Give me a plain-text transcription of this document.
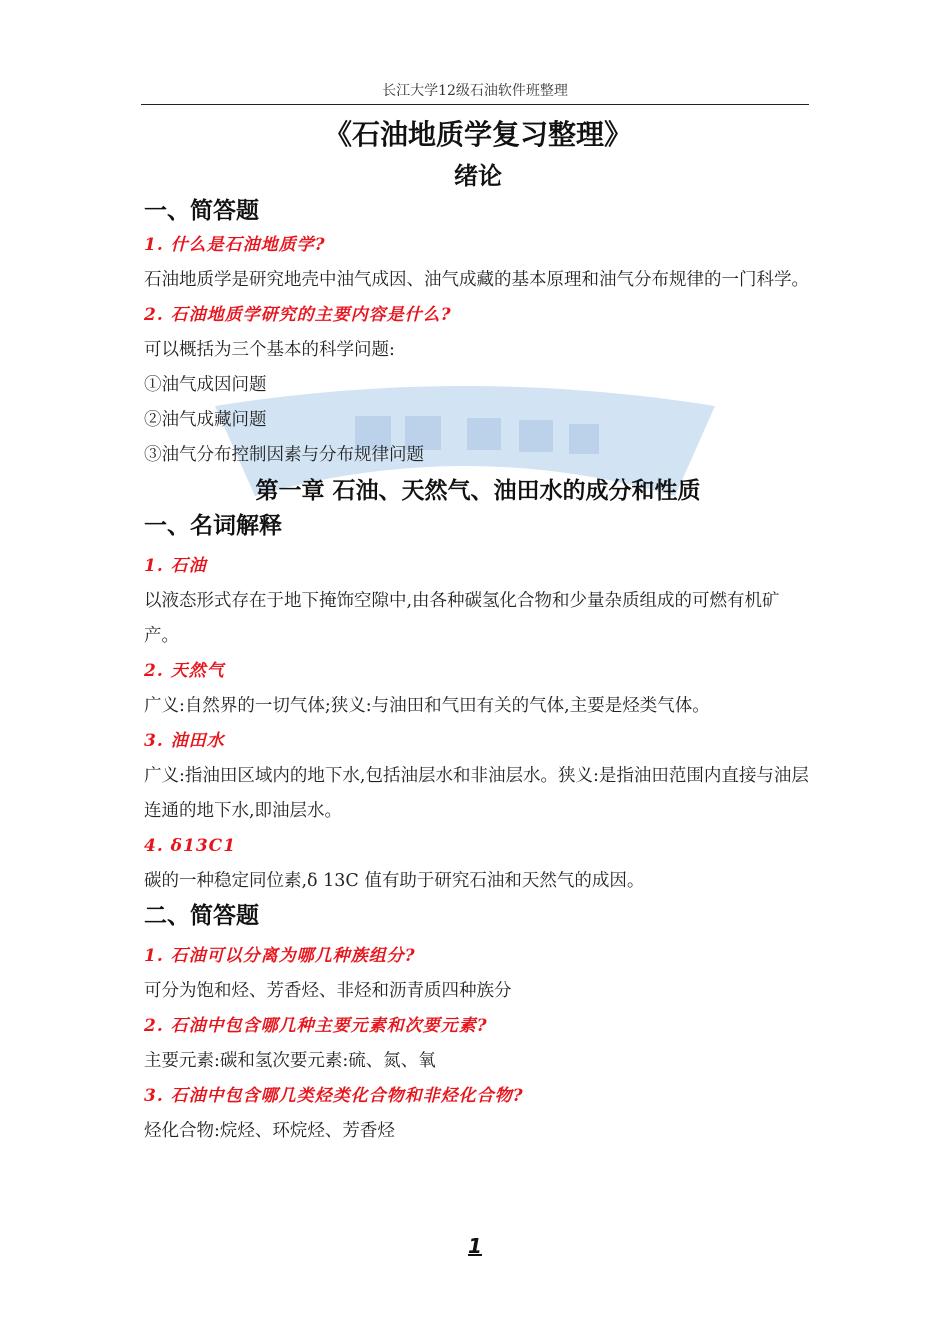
长江大学12级石油软件班整理
《石油地质学复习整理》
绪论
一、简答题

1. 什么是石油地质学?

石油地质学是研究地壳中油气成因、油气成藏的基本原理和油气分布规律的一门科学。

2. 石油地质学研究的主要内容是什么?

可以概括为三个基本的科学问题:

①油气成因问题

②油气成藏问题

③油气分布控制因素与分布规律问题

第一章 石油、天然气、油田水的成分和性质
一、名词解释

1. 石油

以液态形式存在于地下掩饰空隙中,由各种碳氢化合物和少量杂质组成的可燃有机矿产。

2. 天然气

广义:自然界的一切气体;狭义:与油田和气田有关的气体,主要是烃类气体。

3. 油田水

广义:指油田区域内的地下水,包括油层水和非油层水。狭义:是指油田范围内直接与油层连通的地下水,即油层水。

4. δ13C1

碳的一种稳定同位素,δ 13C 值有助于研究石油和天然气的成因。

二、简答题

1. 石油可以分离为哪几种族组分?

可分为饱和烃、芳香烃、非烃和沥青质四种族分

2. 石油中包含哪几种主要元素和次要元素?

主要元素:碳和氢次要元素:硫、氮、氧

3. 石油中包含哪几类烃类化合物和非烃化合物?

烃化合物:烷烃、环烷烃、芳香烃

1
